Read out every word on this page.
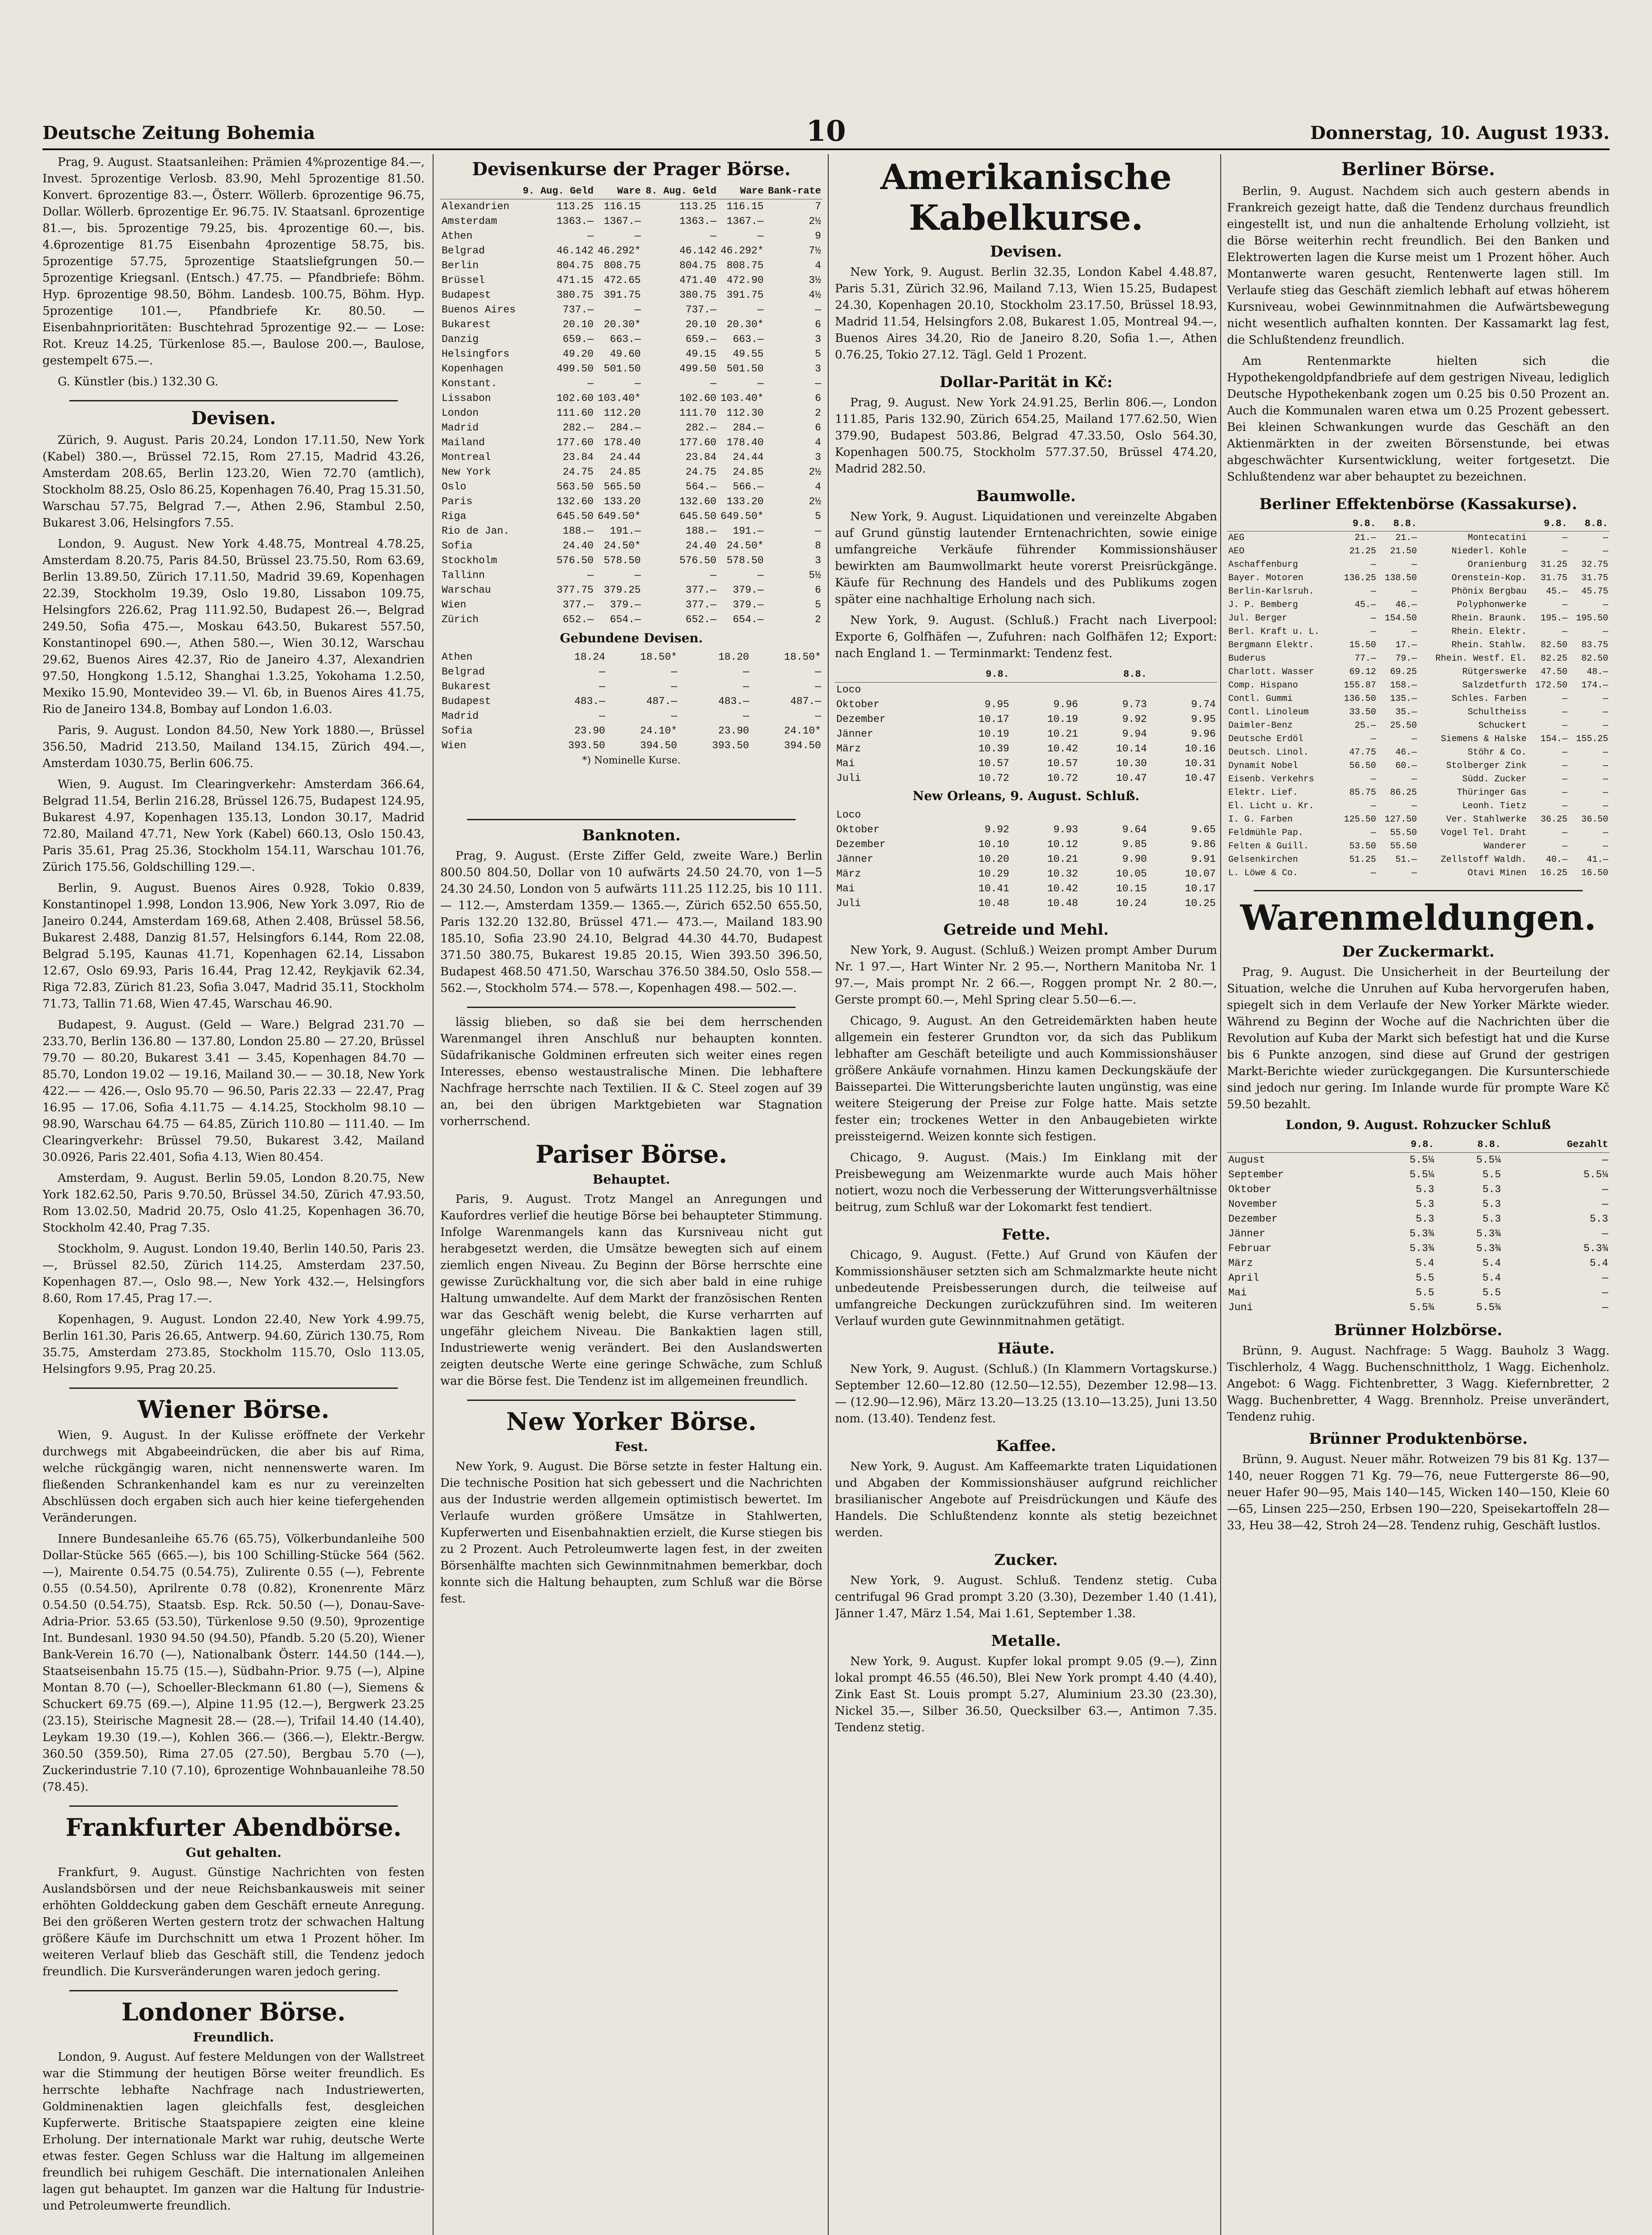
Deutsche Zeitung Bohemia	10	Donnerstag, 10. August 1933.

Prag, 9. August. Staatsanleihen: Prämien 4%prozentige 84.—, Invest. 5prozentige Verlosb. 83.90, Mehl 5prozentige 81.50. Konvert. 6prozentige 83.—, Österr. Wöllerb. 6prozentige 96.75, Dollar. Wöllerb. 6prozentige Er. 96.75. IV. Staatsanl. 6prozentige 81.—, bis. 5prozentige 79.25, bis. 4prozentige 60.—, bis. 4.6prozentige 81.75 Eisenbahn 4prozentige 58.75, bis. 5prozentige 57.75, 5prozentige Staatsliefgrungen 50.— 5prozentige Kriegsanl. (Entsch.) 47.75. — Pfandbriefe: Böhm. Hyp. 6prozentige 98.50, Böhm. Landesb. 100.75, Böhm. Hyp. 5prozentige 101.—, Pfandbriefe Kr. 80.50. — Eisenbahnprioritäten: Buschtehrad 5prozentige 92.— — Lose: Rot. Kreuz 14.25, Türkenlose 85.—, Baulose 200.—, Baulose, gestempelt 675.—.

G. Künstler (bis.) 132.30 G.

Devisen.

Zürich, 9. August. Paris 20.24, London 17.11.50, New York (Kabel) 380.—, Brüssel 72.15, Rom 27.15, Madrid 43.26, Amsterdam 208.65, Berlin 123.20, Wien 72.70 (amtlich), Stockholm 88.25, Oslo 86.25, Kopenhagen 76.40, Prag 15.31.50, Warschau 57.75, Belgrad 7.—, Athen 2.96, Stambul 2.50, Bukarest 3.06, Helsingfors 7.55.

London, 9. August. New York 4.48.75, Montreal 4.78.25, Amsterdam 8.20.75, Paris 84.50, Brüssel 23.75.50, Rom 63.69, Berlin 13.89.50, Zürich 17.11.50, Madrid 39.69, Kopenhagen 22.39, Stockholm 19.39, Oslo 19.80, Lissabon 109.75, Helsingfors 226.62, Prag 111.92.50, Budapest 26.—, Belgrad 249.50, Sofia 475.—, Moskau 643.50, Bukarest 557.50, Konstantinopel 690.—, Athen 580.—, Wien 30.12, Warschau 29.62, Buenos Aires 42.37, Rio de Janeiro 4.37, Alexandrien 97.50, Hongkong 1.5.12, Shanghai 1.3.25, Yokohama 1.2.50, Mexiko 15.90, Montevideo 39.— Vl. 6b, in Buenos Aires 41.75, Rio de Janeiro 134.8, Bombay auf London 1.6.03.

Paris, 9. August. London 84.50, New York 1880.—, Brüssel 356.50, Madrid 213.50, Mailand 134.15, Zürich 494.—, Amsterdam 1030.75, Berlin 606.75.

Wien, 9. August. Im Clearingverkehr: Amsterdam 366.64, Belgrad 11.54, Berlin 216.28, Brüssel 126.75, Budapest 124.95, Bukarest 4.97, Kopenhagen 135.13, London 30.17, Madrid 72.80, Mailand 47.71, New York (Kabel) 660.13, Oslo 150.43, Paris 35.61, Prag 25.36, Stockholm 154.11, Warschau 101.76, Zürich 175.56, Goldschilling 129.—.

Berlin, 9. August. Buenos Aires 0.928, Tokio 0.839, Konstantinopel 1.998, London 13.906, New York 3.097, Rio de Janeiro 0.244, Amsterdam 169.68, Athen 2.408, Brüssel 58.56, Bukarest 2.488, Danzig 81.57, Helsingfors 6.144, Rom 22.08, Belgrad 5.195, Kaunas 41.71, Kopenhagen 62.14, Lissabon 12.67, Oslo 69.93, Paris 16.44, Prag 12.42, Reykjavik 62.34, Riga 72.83, Zürich 81.23, Sofia 3.047, Madrid 35.11, Stockholm 71.73, Tallin 71.68, Wien 47.45, Warschau 46.90.

Budapest, 9. August. (Geld — Ware.) Belgrad 231.70 — 233.70, Berlin 136.80 — 137.80, London 25.80 — 27.20, Brüssel 79.70 — 80.20, Bukarest 3.41 — 3.45, Kopenhagen 84.70 — 85.70, London 19.02 — 19.16, Mailand 30.— — 30.18, New York 422.— — 426.—, Oslo 95.70 — 96.50, Paris 22.33 — 22.47, Prag 16.95 — 17.06, Sofia 4.11.75 — 4.14.25, Stockholm 98.10 — 98.90, Warschau 64.75 — 64.85, Zürich 110.80 — 111.40. — Im Clearingverkehr: Brüssel 79.50, Bukarest 3.42, Mailand 30.0926, Paris 22.401, Sofia 4.13, Wien 80.454.

Amsterdam, 9. August. Berlin 59.05, London 8.20.75, New York 182.62.50, Paris 9.70.50, Brüssel 34.50, Zürich 47.93.50, Rom 13.02.50, Madrid 20.75, Oslo 41.25, Kopenhagen 36.70, Stockholm 42.40, Prag 7.35.

Stockholm, 9. August. London 19.40, Berlin 140.50, Paris 23.—, Brüssel 82.50, Zürich 114.25, Amsterdam 237.50, Kopenhagen 87.—, Oslo 98.—, New York 432.—, Helsingfors 8.60, Rom 17.45, Prag 17.—.

Kopenhagen, 9. August. London 22.40, New York 4.99.75, Berlin 161.30, Paris 26.65, Antwerp. 94.60, Zürich 130.75, Rom 35.75, Amsterdam 273.85, Stockholm 115.70, Oslo 113.05, Helsingfors 9.95, Prag 20.25.

Wiener Börse.

Wien, 9. August. In der Kulisse eröffnete der Verkehr durchwegs mit Abgabeeindrücken, die aber bis auf Rima, welche rückgängig waren, nicht nennenswerte waren. Im fließenden Schrankenhandel kam es nur zu vereinzelten Abschlüssen doch ergaben sich auch hier keine tiefergehenden Veränderungen.

Innere Bundesanleihe 65.76 (65.75), Völkerbundanleihe 500 Dollar-Stücke 565 (665.—), bis 100 Schilling-Stücke 564 (562.—), Mairente 0.54.75 (0.54.75), Zulirente 0.55 (—), Febrente 0.55 (0.54.50), Aprilrente 0.78 (0.82), Kronenrente März 0.54.50 (0.54.75), Staatsb. Esp. Rck. 50.50 (—), Donau-Save-Adria-Prior. 53.65 (53.50), Türkenlose 9.50 (9.50), 9prozentige Int. Bundesanl. 1930 94.50 (94.50), Pfandb. 5.20 (5.20), Wiener Bank-Verein 16.70 (—), Nationalbank Österr. 144.50 (144.—), Staatseisenbahn 15.75 (15.—), Südbahn-Prior. 9.75 (—), Alpine Montan 8.70 (—), Schoeller-Bleckmann 61.80 (—), Siemens & Schuckert 69.75 (69.—), Alpine 11.95 (12.—), Bergwerk 23.25 (23.15), Steirische Magnesit 28.— (28.—), Trifail 14.40 (14.40), Leykam 19.30 (19.—), Kohlen 366.— (366.—), Elektr.-Bergw. 360.50 (359.50), Rima 27.05 (27.50), Bergbau 5.70 (—), Zuckerindustrie 7.10 (7.10), 6prozentige Wohnbauanleihe 78.50 (78.45).

Frankfurter Abendbörse.
Gut gehalten.

Frankfurt, 9. August. Günstige Nachrichten von festen Auslandsbörsen und der neue Reichsbankausweis mit seiner erhöhten Golddeckung gaben dem Geschäft erneute Anregung. Bei den größeren Werten gestern trotz der schwachen Haltung größere Käufe im Durchschnitt um etwa 1 Prozent höher. Im weiteren Verlauf blieb das Geschäft still, die Tendenz jedoch freundlich. Die Kursveränderungen waren jedoch gering.

Londoner Börse.
Freundlich.

London, 9. August. Auf festere Meldungen von der Wallstreet war die Stimmung der heutigen Börse weiter freundlich. Es herrschte lebhafte Nachfrage nach Industriewerten, Goldminenaktien lagen gleichfalls fest, desgleichen Kupferwerte. Britische Staatspapiere zeigten eine kleine Erholung. Der internationale Markt war ruhig, deutsche Werte etwas fester. Gegen Schluss war die Haltung im allgemeinen freundlich bei ruhigem Geschäft. Die internationalen Anleihen lagen gut behauptet. Im ganzen war die Haltung für Industrie- und Petroleumwerte freundlich.

Devisenkurse der Prager Börse.
	9. Aug. Geld	Ware	8. Aug. Geld	Ware	Bank-rate
Alexandrien	113.25	116.15	113.25	116.15	7
Amsterdam	1363.—	1367.—	1363.—	1367.—	2½
Athen	—	—	—	—	9
Belgrad	46.142	46.292*	46.142	46.292*	7½
Berlin	804.75	808.75	804.75	808.75	4
Brüssel	471.15	472.65	471.40	472.90	3½
Budapest	380.75	391.75	380.75	391.75	4½
Buenos Aires	737.—	—	737.—	—	—
Bukarest	20.10	20.30*	20.10	20.30*	6
Danzig	659.—	663.—	659.—	663.—	3
Helsingfors	49.20	49.60	49.15	49.55	5
Kopenhagen	499.50	501.50	499.50	501.50	3
Konstant.	—	—	—	—	—
Lissabon	102.60	103.40*	102.60	103.40*	6
London	111.60	112.20	111.70	112.30	2
Madrid	282.—	284.—	282.—	284.—	6
Mailand	177.60	178.40	177.60	178.40	4
Montreal	23.84	24.44	23.84	24.44	3
New York	24.75	24.85	24.75	24.85	2½
Oslo	563.50	565.50	564.—	566.—	4
Paris	132.60	133.20	132.60	133.20	2½
Riga	645.50	649.50*	645.50	649.50*	5
Rio de Jan.	188.—	191.—	188.—	191.—	—
Sofia	24.40	24.50*	24.40	24.50*	8
Stockholm	576.50	578.50	576.50	578.50	3
Tallinn	—	—	—	—	5½
Warschau	377.75	379.25	377.—	379.—	6
Wien	377.—	379.—	377.—	379.—	5
Zürich	652.—	654.—	652.—	654.—	2
Gebundene Devisen.
Athen	18.24	18.50*	18.20	18.50*
Belgrad	—	—	—	—
Bukarest	—	—	—	—
Budapest	483.—	487.—	483.—	487.—
Madrid	—	—	—	—
Sofia	23.90	24.10*	23.90	24.10*
Wien	393.50	394.50	393.50	394.50
*) Nominelle Kurse.
Banknoten.

Prag, 9. August. (Erste Ziffer Geld, zweite Ware.) Berlin 800.50 804.50, Dollar von 10 aufwärts 24.50 24.70, von 1—5 24.30 24.50, London von 5 aufwärts 111.25 112.25, bis 10 111.— 112.—, Amsterdam 1359.— 1365.—, Zürich 652.50 655.50, Paris 132.20 132.80, Brüssel 471.— 473.—, Mailand 183.90 185.10, Sofia 23.90 24.10, Belgrad 44.30 44.70, Budapest 371.50 380.75, Bukarest 19.85 20.15, Wien 393.50 396.50, Budapest 468.50 471.50, Warschau 376.50 384.50, Oslo 558.— 562.—, Stockholm 574.— 578.—, Kopenhagen 498.— 502.—.

lässig blieben, so daß sie bei dem herrschenden Warenmangel ihren Anschluß nur behaupten konnten. Südafrikanische Goldminen erfreuten sich weiter eines regen Interesses, ebenso westaustralische Minen. Die lebhaftere Nachfrage herrschte nach Textilien. II & C. Steel zogen auf 39 an, bei den übrigen Marktgebieten war Stagnation vorherrschend.

Pariser Börse.
Behauptet.

Paris, 9. August. Trotz Mangel an Anregungen und Kaufordres verlief die heutige Börse bei behaupteter Stimmung. Infolge Warenmangels kann das Kursniveau nicht gut herabgesetzt werden, die Umsätze bewegten sich auf einem ziemlich engen Niveau. Zu Beginn der Börse herrschte eine gewisse Zurückhaltung vor, die sich aber bald in eine ruhige Haltung umwandelte. Auf dem Markt der französischen Renten war das Geschäft wenig belebt, die Kurse verharrten auf ungefähr gleichem Niveau. Die Bankaktien lagen still, Industriewerte wenig verändert. Bei den Auslandswerten zeigten deutsche Werte eine geringe Schwäche, zum Schluß war die Börse fest. Die Tendenz ist im allgemeinen freundlich.

New Yorker Börse.
Fest.

New York, 9. August. Die Börse setzte in fester Haltung ein. Die technische Position hat sich gebessert und die Nachrichten aus der Industrie werden allgemein optimistisch bewertet. Im Verlaufe wurden größere Umsätze in Stahlwerten, Kupferwerten und Eisenbahnaktien erzielt, die Kurse stiegen bis zu 2 Prozent. Auch Petroleumwerte lagen fest, in der zweiten Börsenhälfte machten sich Gewinnmitnahmen bemerkbar, doch konnte sich die Haltung behaupten, zum Schluß war die Börse fest.

Amerikanische Kabelkurse.
Devisen.

New York, 9. August. Berlin 32.35, London Kabel 4.48.87, Paris 5.31, Zürich 32.96, Mailand 7.13, Wien 15.25, Budapest 24.30, Kopenhagen 20.10, Stockholm 23.17.50, Brüssel 18.93, Madrid 11.54, Helsingfors 2.08, Bukarest 1.05, Montreal 94.—, Buenos Aires 34.20, Rio de Janeiro 8.20, Sofia 1.—, Athen 0.76.25, Tokio 27.12. Tägl. Geld 1 Prozent.

Dollar-Parität in Kč:

Prag, 9. August. New York 24.91.25, Berlin 806.—, London 111.85, Paris 132.90, Zürich 654.25, Mailand 177.62.50, Wien 379.90, Budapest 503.86, Belgrad 47.33.50, Oslo 564.30, Kopenhagen 500.75, Stockholm 577.37.50, Brüssel 474.20, Madrid 282.50.

Baumwolle.

New York, 9. August. Liquidationen und vereinzelte Abgaben auf Grund günstig lautender Erntenachrichten, sowie einige umfangreiche Verkäufe führender Kommissionshäuser bewirkten am Baumwollmarkt heute vorerst Preisrückgänge. Käufe für Rechnung des Handels und des Publikums zogen später eine nachhaltige Erholung nach sich.

New York, 9. August. (Schluß.) Fracht nach Liverpool: Exporte 6, Golfhäfen —, Zufuhren: nach Golfhäfen 12; Export: nach England 1. — Terminmarkt: Tendenz fest.

	9.8.		8.8.	
Loco				
Oktober	9.95	9.96	9.73	9.74
Dezember	10.17	10.19	9.92	9.95
Jänner	10.19	10.21	9.94	9.96
März	10.39	10.42	10.14	10.16
Mai	10.57	10.57	10.30	10.31
Juli	10.72	10.72	10.47	10.47
New Orleans, 9. August. Schluß.
Loco				
Oktober	9.92	9.93	9.64	9.65
Dezember	10.10	10.12	9.85	9.86
Jänner	10.20	10.21	9.90	9.91
März	10.29	10.32	10.05	10.07
Mai	10.41	10.42	10.15	10.17
Juli	10.48	10.48	10.24	10.25
Getreide und Mehl.

New York, 9. August. (Schluß.) Weizen prompt Amber Durum Nr. 1 97.—, Hart Winter Nr. 2 95.—, Northern Manitoba Nr. 1 97.—, Mais prompt Nr. 2 66.—, Roggen prompt Nr. 2 80.—, Gerste prompt 60.—, Mehl Spring clear 5.50—6.—.

Chicago, 9. August. An den Getreidemärkten haben heute allgemein ein festerer Grundton vor, da sich das Publikum lebhafter am Geschäft beteiligte und auch Kommissionshäuser größere Ankäufe vornahmen. Hinzu kamen Deckungskäufe der Baissepartei. Die Witterungsberichte lauten ungünstig, was eine weitere Steigerung der Preise zur Folge hatte. Mais setzte fester ein; trockenes Wetter in den Anbaugebieten wirkte preissteigernd. Weizen konnte sich festigen.

Chicago, 9. August. (Mais.) Im Einklang mit der Preisbewegung am Weizenmarkte wurde auch Mais höher notiert, wozu noch die Verbesserung der Witterungsverhältnisse beitrug, zum Schluß war der Lokomarkt fest tendiert.

Fette.

Chicago, 9. August. (Fette.) Auf Grund von Käufen der Kommissionshäuser setzten sich am Schmalzmarkte heute nicht unbedeutende Preisbesserungen durch, die teilweise auf umfangreiche Deckungen zurückzuführen sind. Im weiteren Verlauf wurden gute Gewinnmitnahmen getätigt.

Häute.

New York, 9. August. (Schluß.) (In Klammern Vortagskurse.) September 12.60—12.80 (12.50—12.55), Dezember 12.98—13.— (12.90—12.96), März 13.20—13.25 (13.10—13.25), Juni 13.50 nom. (13.40). Tendenz fest.

Kaffee.

New York, 9. August. Am Kaffeemarkte traten Liquidationen und Abgaben der Kommissionshäuser aufgrund reichlicher brasilianischer Angebote auf Preisdrückungen und Käufe des Handels. Die Schlußtendenz konnte als stetig bezeichnet werden.

Zucker.

New York, 9. August. Schluß. Tendenz stetig. Cuba centrifugal 96 Grad prompt 3.20 (3.30), Dezember 1.40 (1.41), Jänner 1.47, März 1.54, Mai 1.61, September 1.38.

Metalle.

New York, 9. August. Kupfer lokal prompt 9.05 (9.—), Zinn lokal prompt 46.55 (46.50), Blei New York prompt 4.40 (4.40), Zink East St. Louis prompt 5.27, Aluminium 23.30 (23.30), Nickel 35.—, Silber 36.50, Quecksilber 63.—, Antimon 7.35. Tendenz stetig.

Berliner Börse.

Berlin, 9. August. Nachdem sich auch gestern abends in Frankreich gezeigt hatte, daß die Tendenz durchaus freundlich eingestellt ist, und nun die anhaltende Erholung vollzieht, ist die Börse weiterhin recht freundlich. Bei den Banken und Elektrowerten lagen die Kurse meist um 1 Prozent höher. Auch Montanwerte waren gesucht, Rentenwerte lagen still. Im Verlaufe stieg das Geschäft ziemlich lebhaft auf etwas höherem Kursniveau, wobei Gewinnmitnahmen die Aufwärtsbewegung nicht wesentlich aufhalten konnten. Der Kassamarkt lag fest, die Schlußtendenz freundlich.

Am Rentenmarkte hielten sich die Hypothekengoldpfandbriefe auf dem gestrigen Niveau, lediglich Deutsche Hypothekenbank zogen um 0.25 bis 0.50 Prozent an. Auch die Kommunalen waren etwa um 0.25 Prozent gebessert. Bei kleinen Schwankungen wurde das Geschäft an den Aktienmärkten in der zweiten Börsenstunde, bei etwas abgeschwächter Kursentwicklung, weiter fortgesetzt. Die Schlußtendenz war aber behauptet zu bezeichnen.

Berliner Effektenbörse (Kassakurse).
	9.8.	8.8.		9.8.	8.8.
AEG	21.—	21.—	Montecatini	—	—
AEO	21.25	21.50	Niederl. Kohle	—	—
Aschaffenburg	—	—	Oranienburg	31.25	32.75
Bayer. Motoren	136.25	138.50	Orenstein-Kop.	31.75	31.75
Berlin-Karlsruh.	—	—	Phönix Bergbau	45.—	45.75
J. P. Bemberg	45.—	46.—	Polyphonwerke	—	—
Jul. Berger	—	154.50	Rhein. Braunk.	195.—	195.50
Berl. Kraft u. L.	—	—	Rhein. Elektr.	—	—
Bergmann Elektr.	15.50	17.—	Rhein. Stahlw.	82.50	83.75
Buderus	77.—	79.—	Rhein. Westf. El.	82.25	82.50
Charlott. Wasser	69.12	69.25	Rütgerswerke	47.50	48.—
Comp. Hispano	155.87	158.—	Salzdetfurth	172.50	174.—
Contl. Gummi	136.50	135.—	Schles. Farben	—	—
Contl. Linoleum	33.50	35.—	Schultheiss	—	—
Daimler-Benz	25.—	25.50	Schuckert	—	—
Deutsche Erdöl	—	—	Siemens & Halske	154.—	155.25
Deutsch. Linol.	47.75	46.—	Stöhr & Co.	—	—
Dynamit Nobel	56.50	60.—	Stolberger Zink	—	—
Eisenb. Verkehrs	—	—	Südd. Zucker	—	—
Elektr. Lief.	85.75	86.25	Thüringer Gas	—	—
El. Licht u. Kr.	—	—	Leonh. Tietz	—	—
I. G. Farben	125.50	127.50	Ver. Stahlwerke	36.25	36.50
Feldmühle Pap.	—	55.50	Vogel Tel. Draht	—	—
Felten & Guill.	53.50	55.50	Wanderer	—	—
Gelsenkirchen	51.25	51.—	Zellstoff Waldh.	40.—	41.—
L. Löwe & Co.	—	—	Otavi Minen	16.25	16.50
Warenmeldungen.
Der Zuckermarkt.

Prag, 9. August. Die Unsicherheit in der Beurteilung der Situation, welche die Unruhen auf Kuba hervorgerufen haben, spiegelt sich in dem Verlaufe der New Yorker Märkte wieder. Während zu Beginn der Woche auf die Nachrichten über die Revolution auf Kuba der Markt sich befestigt hat und die Kurse bis 6 Punkte anzogen, sind diese auf Grund der gestrigen Markt-Berichte wieder zurückgegangen. Die Kursunterschiede sind jedoch nur gering. Im Inlande wurde für prompte Ware Kč 59.50 bezahlt.

London, 9. August. Rohzucker Schluß
	9.8.	8.8.	Gezahlt
August	5.5¼	5.5¼	—
September	5.5¼	5.5	5.5¼
Oktober	5.3	5.3	—
November	5.3	5.3	—
Dezember	5.3	5.3	5.3
Jänner	5.3¾	5.3¾	—
Februar	5.3¾	5.3¾	5.3¾
März	5.4	5.4	5.4
April	5.5	5.4	—
Mai	5.5	5.5	—
Juni	5.5¾	5.5¾	—
Brünner Holzbörse.

Brünn, 9. August. Nachfrage: 5 Wagg. Bauholz 3 Wagg. Tischlerholz, 4 Wagg. Buchenschnittholz, 1 Wagg. Eichenholz. Angebot: 6 Wagg. Fichtenbretter, 3 Wagg. Kiefernbretter, 2 Wagg. Buchenbretter, 4 Wagg. Brennholz. Preise unverändert, Tendenz ruhig.

Brünner Produktenbörse.

Brünn, 9. August. Neuer mähr. Rotweizen 79 bis 81 Kg. 137—140, neuer Roggen 71 Kg. 79—76, neue Futtergerste 86—90, neuer Hafer 90—95, Mais 140—145, Wicken 140—150, Kleie 60—65, Linsen 225—250, Erbsen 190—220, Speisekartoffeln 28—33, Heu 38—42, Stroh 24—28. Tendenz ruhig, Geschäft lustlos.
